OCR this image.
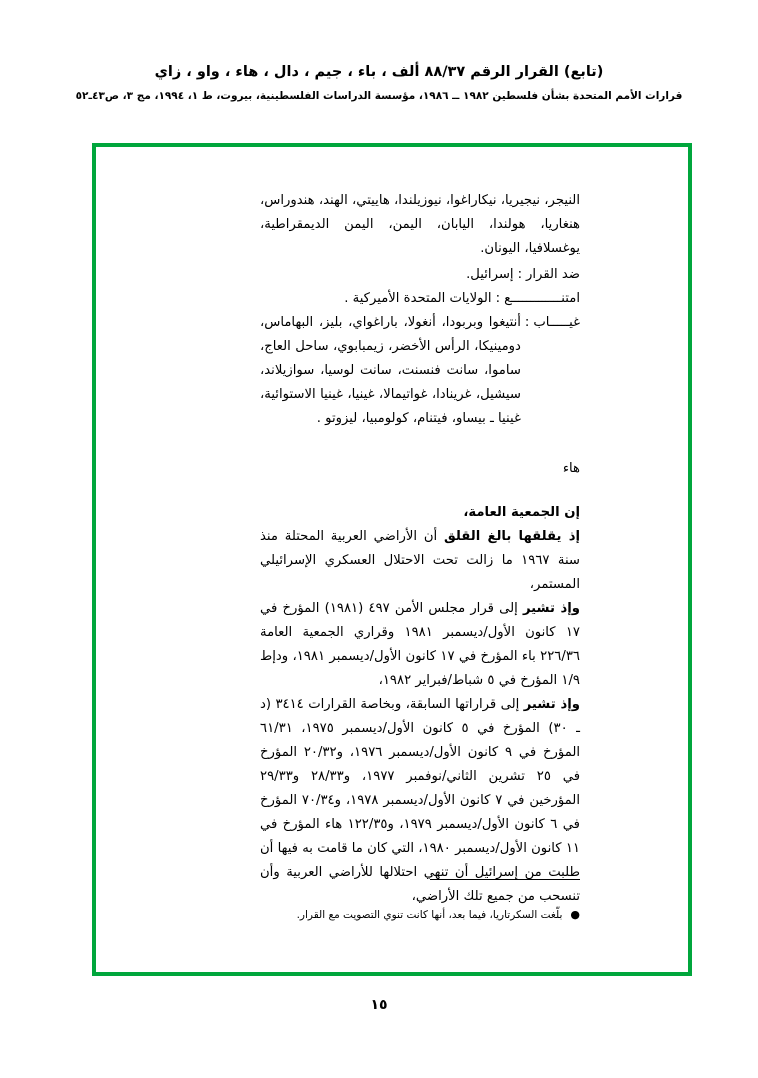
(تابع) القرار الرقم ٨٨/٣٧ ألف ، باء ، جيم ، دال ، هاء ، واو ، زاي
قرارات الأمم المتحدة بشأن فلسطين ١٩٨٢ ــ ١٩٨٦، مؤسسة الدراسات الفلسطينية، بيروت، ط ١، ١٩٩٤، مج ٣، ص٤٣ـ٥٢

النيجر، نيجيريا، نيكاراغوا، نيوزيلندا، هاييتي، الهند، هندوراس، هنغاريا، هولندا، اليابان، اليمن، اليمن الديمقراطية، يوغسلافيا، اليونان.

ضد القرار
:
إسرائيل.
امتنـــــــــــــع
:
الولايات المتحدة الأميركية .
غيـــــاب
:
أنتيغوا وبربودا، أنغولا، باراغواي، بليز، البهاماس، دومينيكا، الرأس الأخضر، زيمبابوي، ساحل العاج، ساموا، سانت فنسنت، سانت لوسيا، سوازيلاند، سيشيل، غرينادا، غواتيمالا، غينيا، غينيا الاستوائية، غينيا ـ بيساو، فيتنام، كولومبيا، ليزوتو .
هاء

إن الجمعية العامة،

إذ يقلقها بالغ القلق أن الأراضي العربية المحتلة منذ سنة ١٩٦٧ ما زالت تحت الاحتلال العسكري الإسرائيلي المستمر،

وإذ تشير إلى قرار مجلس الأمن ٤٩٧ (١٩٨١) المؤرخ في ١٧ كانون الأول/ديسمبر ١٩٨١ وقراري الجمعية العامة ٢٢٦/٣٦ باء المؤرخ في ١٧ كانون الأول/ديسمبر ١٩٨١، ودإط ١/٩ المؤرخ في ٥ شباط/فبراير ١٩٨٢،

وإذ تشير إلى قراراتها السابقة، وبخاصة القرارات ٣٤١٤ (د ـ ٣٠) المؤرخ في ٥ كانون الأول/ديسمبر ١٩٧٥، ٦١/٣١ المؤرخ في ٩ كانون الأول/ديسمبر ١٩٧٦، و٢٠/٣٢ المؤرخ في ٢٥ تشرين الثاني/نوفمبر ١٩٧٧، و٢٨/٣٣ و٢٩/٣٣ المؤرخين في ٧ كانون الأول/ديسمبر ١٩٧٨، و٧٠/٣٤ المؤرخ في ٦ كانون الأول/ديسمبر ١٩٧٩، و١٢٢/٣٥ هاء المؤرخ في ١١ كانون الأول/ديسمبر ١٩٨٠، التي كان ما قامت به فيها أن طلبت من إسرائيل أن تنهي احتلالها للأراضي العربية وأن تنسحب من جميع تلك الأراضي،

●
بلّغت السكرتاريا، فيما بعد، أنها كانت تنوي التصويت مع القرار.
١٥
